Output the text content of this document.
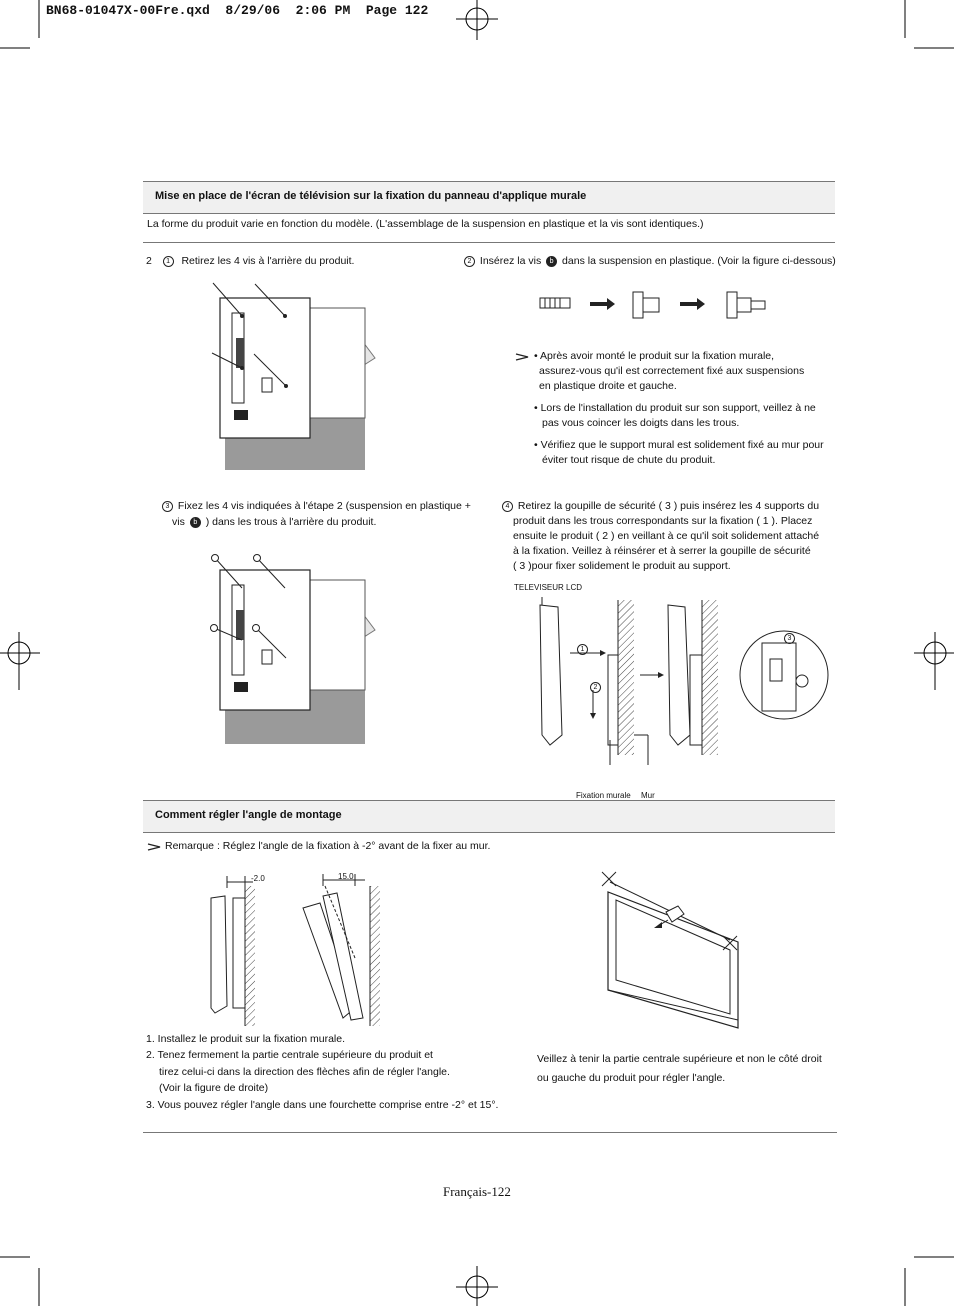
BN68-01047X-00Fre.qxd  8/29/06  2:06 PM  Page 122
Mise en place de l'écran de télévision sur la fixation du panneau d'applique murale
La forme du produit varie en fonction du modèle. (L'assemblage de la suspension en plastique et la vis sont identiques.)
2 1 Retirez les 4 vis à l'arrière du produit.	2 Insérez la vis b dans la suspension en plastique. (Voir la figure ci-dessous)
• Après avoir monté le produit sur la fixation murale,
assurez-vous qu'il est correctement fixé aux suspensions
en plastique droite et gauche.
• Lors de l'installation du produit sur son support, veillez à ne
pas vous coincer les doigts dans les trous.
• Vérifiez que le support mural est solidement fixé au mur pour
éviter tout risque de chute du produit.
3 Fixez les 4 vis indiquées à l'étape 2 (suspension en plastique +
vis b ) dans les trous à l'arrière du produit.
4 Retirez la goupille de sécurité ( 3 ) puis insérez les 4 supports du
produit dans les trous correspondants sur la fixation ( 1 ). Placez
ensuite le produit ( 2 ) en veillant à ce qu'il soit solidement attaché
à la fixation. Veillez à réinsérer et à serrer la goupille de sécurité
( 3 )pour fixer solidement le produit au support.
TELEVISEUR LCD
1
2
3
Fixation murale Mur
Comment régler l'angle de montage
Remarque : Réglez l'angle de la fixation à -2° avant de la fixer au mur.
-2.0	15.0
1. Installez le produit sur la fixation murale.
2. Tenez fermement la partie centrale supérieure du produit et
tirez celui-ci dans la direction des flèches afin de régler l'angle.
(Voir la figure de droite)
3. Vous pouvez régler l'angle dans une fourchette comprise entre -2° et 15°.
Veillez à tenir la partie centrale supérieure et non le côté droit
ou gauche du produit pour régler l'angle.
Français-122
